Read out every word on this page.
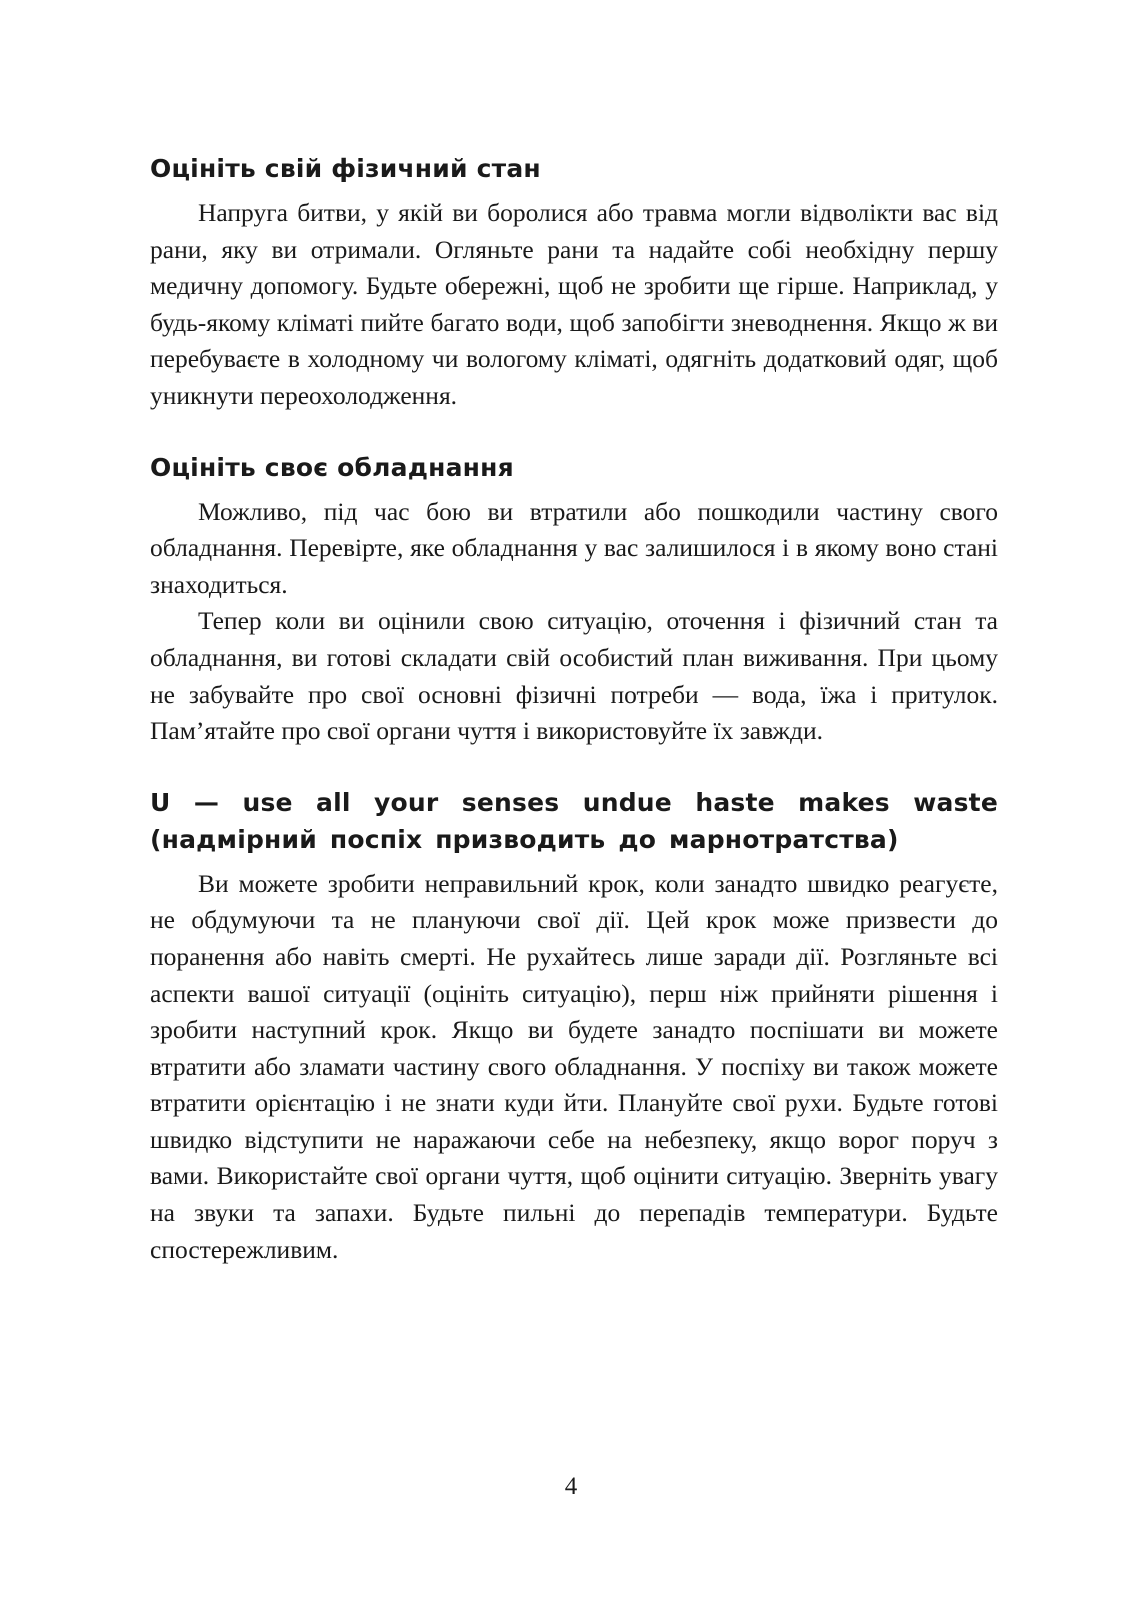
Оцініть свій фізичний стан

Напруга битви, у якій ви боролися або травма могли відволікти вас від рани, яку ви отримали. Огляньте рани та надайте собі необхідну першу медичну допомогу. Будьте обережні, щоб не зробити ще гірше. Наприклад, у будь-якому кліматі пийте багато води, щоб запобігти зневоднення. Якщо ж ви перебуваєте в холодному чи вологому кліматі, одягніть додатковий одяг, щоб уникнути переохолодження.

Оцініть своє обладнання

Можливо, під час бою ви втратили або пошкодили частину свого обладнання. Перевірте, яке обладнання у вас залишилося і в якому воно стані знаходиться.

Тепер коли ви оцінили свою ситуацію, оточення і фізичний стан та обладнання, ви готові складати свій особистий план виживання. При цьому не забувайте про свої основні фізичні потреби — вода, їжа і притулок. Пам’ятайте про свої органи чуття і використовуйте їх завжди.

U — use all your senses undue haste makes waste (надмірний поспіх призводить до марнотратства)

Ви можете зробити неправильний крок, коли занадто швидко реагуєте, не обдумуючи та не плануючи свої дії. Цей крок може призвести до поранення або навіть смерті. Не рухайтесь лише заради дії. Розгляньте всі аспекти вашої ситуації (оцініть ситуацію), перш ніж прийняти рішення і зробити наступний крок. Якщо ви будете занадто поспішати ви можете втратити або зламати частину свого обладнання. У поспіху ви також можете втратити орієнтацію і не знати куди йти. Плануйте свої рухи. Будьте готові швидко відступити не наражаючи себе на небезпеку, якщо ворог поруч з вами. Використайте свої органи чуття, щоб оцінити ситуацію. Зверніть увагу на звуки та запахи. Будьте пильні до перепадів температури. Будьте спостережливим.

4
